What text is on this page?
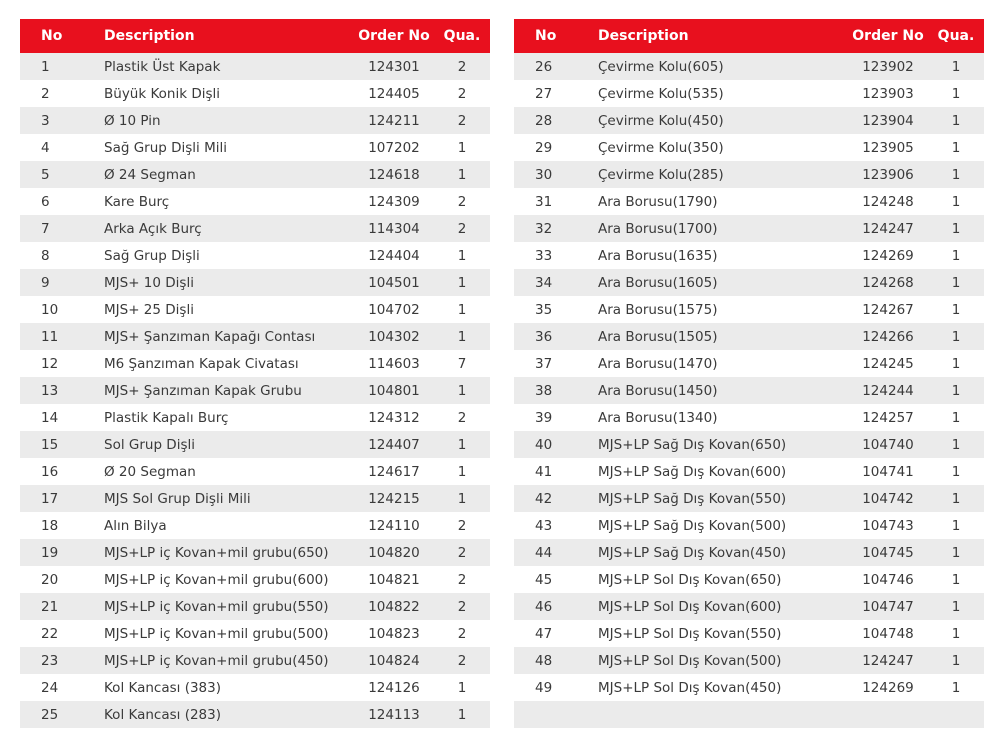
No	Description	Order No	Qua.
1	Plastik Üst Kapak	124301	2
2	Büyük Konik Dişli	124405	2
3	Ø 10 Pin	124211	2
4	Sağ Grup Dişli Mili	107202	1
5	Ø 24 Segman	124618	1
6	Kare Burç	124309	2
7	Arka Açık Burç	114304	2
8	Sağ Grup Dişli	124404	1
9	MJS+ 10 Dişli	104501	1
10	MJS+ 25 Dişli	104702	1
11	MJS+ Şanzıman Kapağı Contası	104302	1
12	M6 Şanzıman Kapak Civatası	114603	7
13	MJS+ Şanzıman Kapak Grubu	104801	1
14	Plastik Kapalı Burç	124312	2
15	Sol Grup Dişli	124407	1
16	Ø 20 Segman	124617	1
17	MJS Sol Grup Dişli Mili	124215	1
18	Alın Bilya	124110	2
19	MJS+LP iç Kovan+mil grubu(650)	104820	2
20	MJS+LP iç Kovan+mil grubu(600)	104821	2
21	MJS+LP iç Kovan+mil grubu(550)	104822	2
22	MJS+LP iç Kovan+mil grubu(500)	104823	2
23	MJS+LP iç Kovan+mil grubu(450)	104824	2
24	Kol Kancası (383)	124126	1
25	Kol Kancası (283)	124113	1
No	Description	Order No	Qua.
26	Çevirme Kolu(605)	123902	1
27	Çevirme Kolu(535)	123903	1
28	Çevirme Kolu(450)	123904	1
29	Çevirme Kolu(350)	123905	1
30	Çevirme Kolu(285)	123906	1
31	Ara Borusu(1790)	124248	1
32	Ara Borusu(1700)	124247	1
33	Ara Borusu(1635)	124269	1
34	Ara Borusu(1605)	124268	1
35	Ara Borusu(1575)	124267	1
36	Ara Borusu(1505)	124266	1
37	Ara Borusu(1470)	124245	1
38	Ara Borusu(1450)	124244	1
39	Ara Borusu(1340)	124257	1
40	MJS+LP Sağ Dış Kovan(650)	104740	1
41	MJS+LP Sağ Dış Kovan(600)	104741	1
42	MJS+LP Sağ Dış Kovan(550)	104742	1
43	MJS+LP Sağ Dış Kovan(500)	104743	1
44	MJS+LP Sağ Dış Kovan(450)	104745	1
45	MJS+LP Sol Dış Kovan(650)	104746	1
46	MJS+LP Sol Dış Kovan(600)	104747	1
47	MJS+LP Sol Dış Kovan(550)	104748	1
48	MJS+LP Sol Dış Kovan(500)	124247	1
49	MJS+LP Sol Dış Kovan(450)	124269	1
